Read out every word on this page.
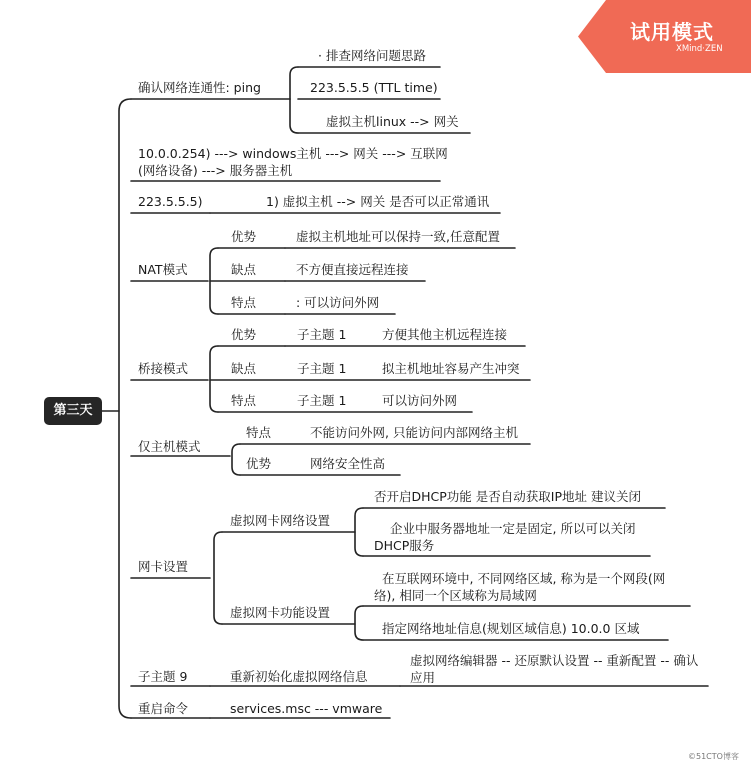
试用模式
XMind·ZEN
第三天
确认网络连通性: ping
· 排查网络问题思路
223.5.5.5 (TTL time)
虚拟主机linux --> 网关
10.0.0.254) ---> windows主机 ---> 网关 ---> 互联网(网络设备) ---> 服务器主机
223.5.5.5)	1) 虚拟主机 --> 网关 是否可以正常通讯
NAT模式
优势	虚拟主机地址可以保持一致,任意配置
缺点	不方便直接远程连接
特点	: 可以访问外网
桥接模式
优势	子主题 1	方便其他主机远程连接
缺点	子主题 1	拟主机地址容易产生冲突
特点	子主题 1	可以访问外网
仅主机模式
特点	不能访问外网, 只能访问内部网络主机
优势	网络安全性高
网卡设置
虚拟网卡网络设置
否开启DHCP功能 是否自动获取IP地址 建议关闭
企业中服务器地址一定是固定, 所以可以关闭DHCP服务
虚拟网卡功能设置
在互联网环境中, 不同网络区域, 称为是一个网段(网络), 相同一个区域称为局域网
指定网络地址信息(规划区域信息) 10.0.0 区域
子主题 9	重新初始化虚拟网络信息
虚拟网络编辑器 -- 还原默认设置 -- 重新配置 -- 确认应用
重启命令	services.msc --- vmware
©51CTO博客
